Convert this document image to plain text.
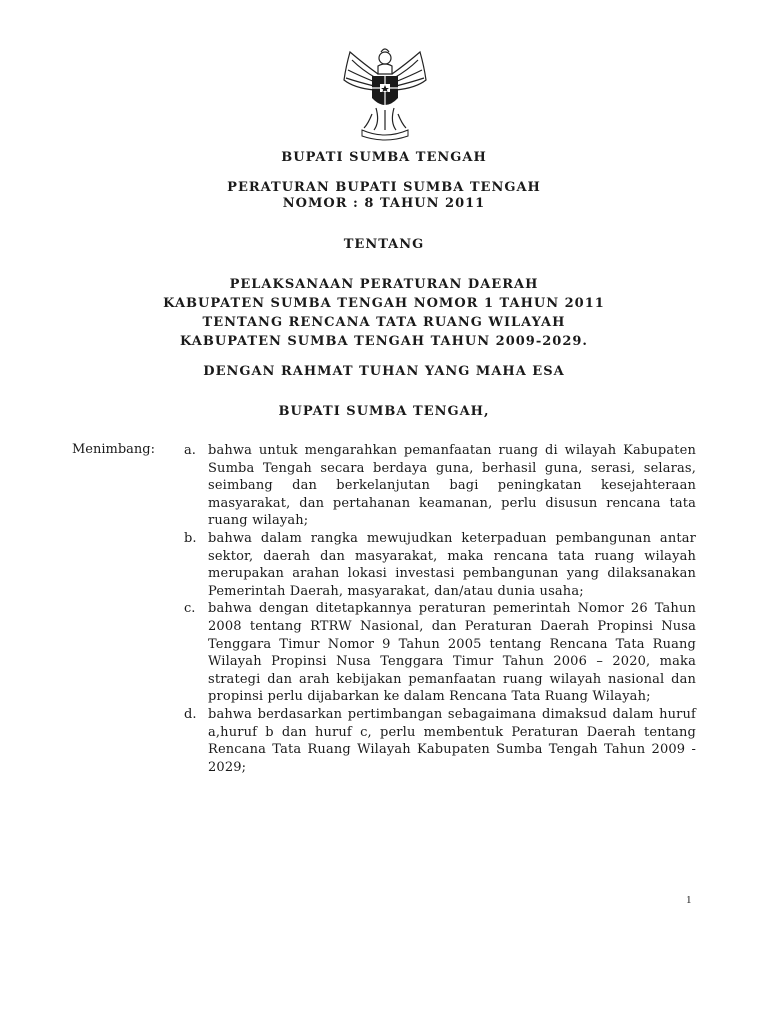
BUPATI SUMBA TENGAH

PERATURAN BUPATI SUMBA TENGAH

NOMOR : 8 TAHUN 2011

TENTANG

PELAKSANAAN PERATURAN DAERAH

KABUPATEN SUMBA TENGAH NOMOR 1 TAHUN 2011

TENTANG RENCANA TATA RUANG WILAYAH

KABUPATEN SUMBA TENGAH TAHUN 2009-2029.

DENGAN RAHMAT TUHAN YANG MAHA ESA

BUPATI SUMBA TENGAH,

Menimbang: a. bahwa untuk mengarahkan pemanfaatan ruang di wilayah Kabupaten Sumba Tengah secara berdaya guna, berhasil guna, serasi, selaras, seimbang dan berkelanjutan bagi peningkatan kesejahteraan masyarakat, dan pertahanan keamanan, perlu disusun rencana tata ruang wilayah;
b. bahwa dalam rangka mewujudkan keterpaduan pembangunan antar sektor, daerah dan masyarakat, maka rencana tata ruang wilayah merupakan arahan lokasi investasi pembangunan yang dilaksanakan Pemerintah Daerah, masyarakat, dan/atau dunia usaha;
c. bahwa dengan ditetapkannya peraturan pemerintah Nomor 26 Tahun 2008 tentang RTRW Nasional, dan Peraturan Daerah Propinsi Nusa Tenggara Timur Nomor 9 Tahun 2005 tentang Rencana Tata Ruang Wilayah Propinsi Nusa Tenggara Timur Tahun 2006 – 2020, maka strategi dan arah kebijakan pemanfaatan ruang wilayah nasional dan propinsi perlu dijabarkan ke dalam Rencana Tata Ruang Wilayah;
d. bahwa berdasarkan pertimbangan sebagaimana dimaksud dalam huruf a,huruf b dan huruf c, perlu membentuk Peraturan Daerah tentang Rencana Tata Ruang Wilayah Kabupaten Sumba Tengah Tahun 2009 - 2029;
1
